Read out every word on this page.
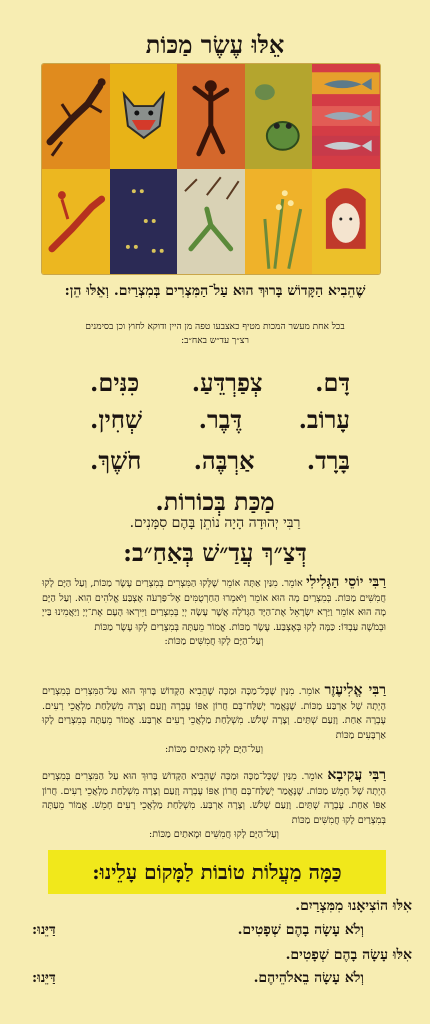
אֵלּוּ עֶשֶׂר מַכּוֹת
שֶׁהֵבִיא הַקָּדוֹשׁ בָּרוּךְ הוּא עַל־הַמִּצְרִים בְּמִצְרַיִם. וְאֵלּוּ הֵן:
בכל אחת מעשר המכות מטיף כאצבעו טפה מן היין ודוקא לחוץ וכן בסימנים
רצ״ך עד״ש באח״ב:
דָּם.
צְפַרְדֵּעַ.
כִּנִּים.
עָרוֹב.
דֶּבֶר.
שְׁחִין.
בָּרָד.
אַרְבֶּה.
חֹשֶׁךְ.
מַכַּת בְּכוֹרוֹת.
רַבִּי יְהוּדָה הָיָה נוֹתֵן בָּהֶם סִמָּנִים.
דְּצַ״ךְ עֲדַ״שׁ בְּאַחַ״ב:
רַבִּי יוֹסֵי הַגְּלִילִי אוֹמֵר. מִנַּיִן אַתָּה אוֹמֵר שֶׁלָּקוּ הַמִּצְרִים בְּמִצְרַיִם עֶשֶׂר מַכּוֹת, וְעַל הַיָּם לָקוּ חֲמִשִּׁים מַכּוֹת. בְּמִצְרַיִם מָה הוּא אוֹמֵר וַיֹּאמְרוּ הַחַרְטֻמִּים אֶל־פַּרְעֹה אֶצְבַּע אֱלֹהִים הִוא. וְעַל הַיָּם מָה הוּא אוֹמֵר וַיַּרְא יִשְׂרָאֵל אֶת־הַיָּד הַגְּדֹלָה אֲשֶׁר עָשָׂה יְיָ בְּמִצְרַיִם וַיִּירְאוּ הָעָם אֶת־יְיָ וַיַּאֲמִינוּ בַּייָ וּבְמֹשֶׁה עַבְדּוֹ: כַּמָּה לָקוּ בְּאֶצְבַּע. עֶשֶׂר מַכּוֹת. אֱמוֹר מֵעַתָּה בְּמִצְרַיִם לָקוּ עֶשֶׂר מַכּוֹת
וְעַל־הַיָּם לָקוּ חֲמִשִּׁים מַכּוֹת:
רַבִּי אֱלִיעֶזֶר אוֹמֵר. מִנַּיִן שֶׁכָּל־מַכָּה וּמַכָּה שֶׁהֵבִיא הַקָּדוֹשׁ בָּרוּךְ הוּא עַל־הַמִּצְרִים בְּמִצְרַיִם הָיְתָה שֶׁל אַרְבַּע מַכּוֹת. שֶׁנֶּאֱמַר יְשַׁלַּח־בָּם חֲרוֹן אַפּוֹ עֶבְרָה וָזַעַם וְצָרָה מִשְׁלַחַת מַלְאֲכֵי רָעִים. עֶבְרָה אַחַת. וָזַעַם שְׁתַּיִם. וְצָרָה שָׁלֹשׁ. מִשְׁלַחַת מַלְאֲכֵי רָעִים אַרְבַּע. אֱמוֹר מֵעַתָּה בְּמִצְרַיִם לָקוּ אַרְבָּעִים מַכּוֹת
וְעַל־הַיָּם לָקוּ מָאתַיִם מַכּוֹת:
רַבִּי עֲקִיבָא אוֹמֵר. מִנַּיִן שֶׁכָּל־מַכָּה וּמַכָּה שֶׁהֵבִיא הַקָּדוֹשׁ בָּרוּךְ הוּא עַל הַמִּצְרִים בְּמִצְרַיִם הָיְתָה שֶׁל חָמֵשׁ מַכּוֹת. שֶׁנֶּאֱמַר יְשַׁלַּח־בָּם חֲרוֹן אַפּוֹ עֶבְרָה וָזַעַם וְצָרָה מִשְׁלַחַת מַלְאֲכֵי רָעִים. חֲרוֹן אַפּוֹ אַחַת. עֶבְרָה שְׁתַּיִם. וָזַעַם שָׁלֹשׁ. וְצָרָה אַרְבַּע. מִשְׁלַחַת מַלְאֲכֵי רָעִים חָמֵשׁ. אֱמוֹר מֵעַתָּה בְּמִצְרַיִם לָקוּ חֲמִשִּׁים מַכּוֹת
וְעַל־הַיָּם לָקוּ חֲמִשִּׁים וּמָאתַיִם מַכּוֹת:
כַּמָּה מַעֲלוֹת טוֹבוֹת לַמָּקוֹם עָלֵינוּ:
אִלּוּ הוֹצִיאָנוּ מִמִּצְרַיִם.
וְלֹא עָשָׂה בָהֶם שְׁפָטִים.
דַּיֵּנוּ:
אִלּוּ עָשָׂה בָהֶם שְׁפָטִים.
וְלֹא עָשָׂה בֵאלֹהֵיהֶם.
דַּיֵּנוּ:
